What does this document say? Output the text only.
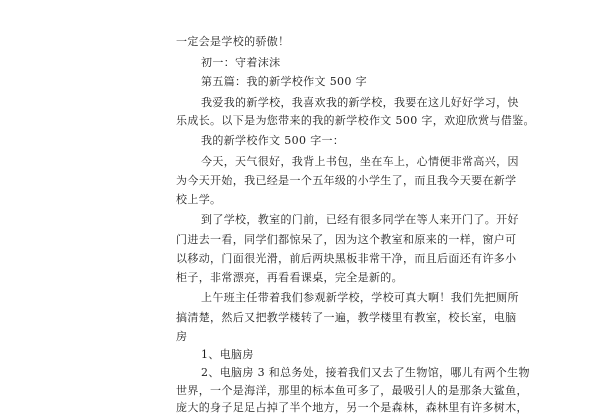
一定会是学校的骄傲！
初一：守着沫沫
第五篇：我的新学校作文 500 字
我爱我的新学校，我喜欢我的新学校，我要在这儿好好学习，快
乐成长。以下是为您带来的我的新学校作文 500 字，欢迎欣赏与借鉴。
我的新学校作文 500 字一：
今天，天气很好，我背上书包，坐在车上，心情便非常高兴，因
为今天开始，我已经是一个五年级的小学生了，而且我今天要在新学
校上学。
到了学校，教室的门前，已经有很多同学在等人来开门了。开好
门进去一看，同学们都惊呆了，因为这个教室和原来的一样，窗户可
以移动，门面很光滑，前后两块黑板非常干净，而且后面还有许多小
柜子，非常漂亮，再看看课桌，完全是新的。
上午班主任带着我们参观新学校，学校可真大啊！我们先把厕所
搞清楚，然后又把教学楼转了一遍，教学楼里有教室，校长室，电脑
房
1、电脑房
2、电脑房 3 和总务处，接着我们又去了生物馆，哪儿有两个生物
世界，一个是海洋，那里的标本鱼可多了，最吸引人的是那条大鲨鱼，
庞大的身子足足占掉了半个地方，另一个是森林，森林里有许多树木，
